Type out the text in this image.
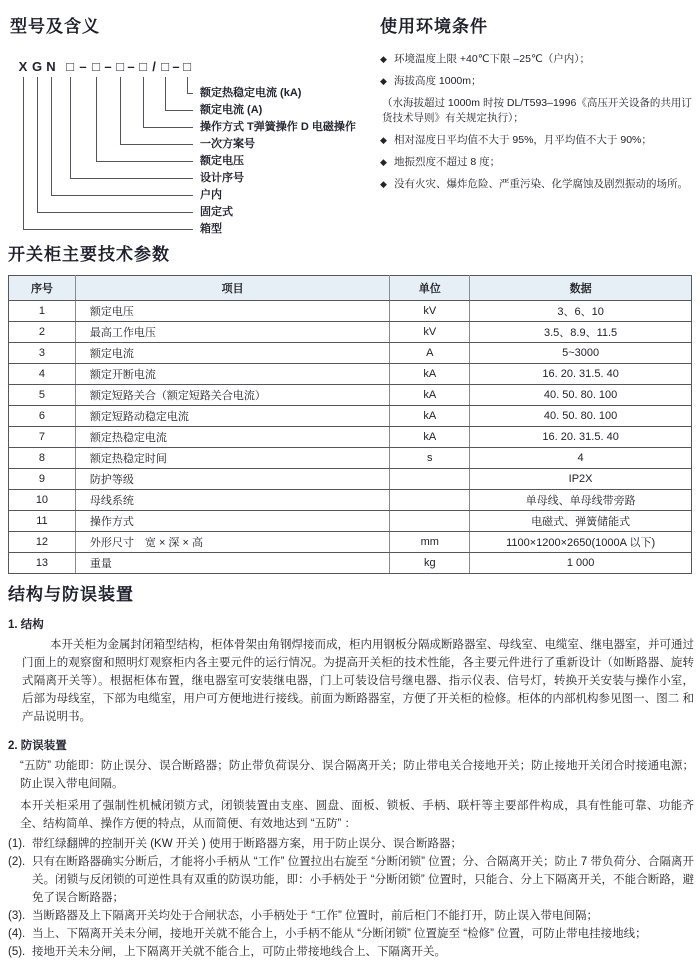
型号及含义
X G N □ – □ – □ – □ / □ – □
额定热稳定电流 (kA)
额定电流 (A)
操作方式 T弹簧操作 D 电磁操作
一次方案号
额定电压
设计序号
户内
固定式
箱型
使用环境条件
◆ 环境温度上限 +40℃下限 –25℃（户内）；
◆ 海拔高度 1000m；
（水海拔超过 1000m 时按 DL/T593–1996《高压开关设备的共用订货技术导则》有关规定执行）；
◆ 相对湿度日平均值不大于 95%，月平均值不大于 90%；
◆ 地振烈度不超过 8 度；
◆ 没有火灾、爆炸危险、严重污染、化学腐蚀及剧烈振动的场所。
开关柜主要技术参数
序号	项目	单位	数据
1	额定电压	kV	3、6、10
2	最高工作电压	kV	3.5、8.9、11.5
3	额定电流	A	5~3000
4	额定开断电流	kA	16. 20. 31.5. 40
5	额定短路关合（额定短路关合电流）	kA	40. 50. 80. 100
6	额定短路动稳定电流	kA	40. 50. 80. 100
7	额定热稳定电流	kA	16. 20. 31.5. 40
8	额定热稳定时间	s	4
9	防护等级		IP2X
10	母线系统		单母线、单母线带旁路
11	操作方式		电磁式、弹簧储能式
12	外形尺寸　宽 × 深 × 高	mm	1100×1200×2650(1000A 以下)
13	重量	kg	1 000
结构与防误装置
1. 结构
本开关柜为金属封闭箱型结构，柜体骨架由角钢焊接而成，柜内用钢板分隔成断路器室、母线室、电缆室、继电器室，并可通过门面上的观察窗和照明灯观察柜内各主要元件的运行情况。为提高开关柜的技术性能，各主要元件进行了重新设计（如断路器、旋转式隔离开关等）。根据柜体布置，继电器室可安装继电器，门上可装设信号继电器、指示仪表、信号灯，转换开关安装与操作小室，后部为母线室，下部为电缆室，用户可方便地进行接线。前面为断路器室，方便了开关柜的检修。柜体的内部机构参见图一、图二 和产品说明书。
2. 防误装置
“五防” 功能即：防止误分、误合断路器；防止带负荷误分、误合隔离开关；防止带电关合接地开关；防止接地开关闭合时接通电源；防止误入带电间隔。
本开关柜采用了强制性机械闭锁方式，闭锁装置由支座、圆盘、面板、锁板、手柄、联杆等主要部件构成，具有性能可靠、功能齐全、结构简单、操作方便的特点，从而简便、有效地达到 “五防” ：
(1). 带红绿翻牌的控制开关 (KW 开关 ) 使用于断路器方案，用于防止误分、误合断路器；
(2). 只有在断路器确实分断后，才能将小手柄从 “工作” 位置拉出右旋至 “分断闭锁” 位置；分、合隔离开关；防止 7 带负荷分、合隔离开关。闭锁与反闭锁的可逆性具有双重的防误功能，即：小手柄处于 “分断闭锁” 位置时，只能合、分上下隔离开关，不能合断路，避免了误合断路器；
(3). 当断路器及上下隔离开关均处于合闸状态，小手柄处于 “工作” 位置时，前后柜门不能打开，防止误入带电间隔；
(4). 当上、下隔离开关未分闸，接地开关就不能合上，小手柄不能从 “分断闭锁” 位置旋至 “检修” 位置，可防止带电挂接地线；
(5). 接地开关未分闸，上下隔离开关就不能合上，可防止带接地线合上、下隔离开关。
